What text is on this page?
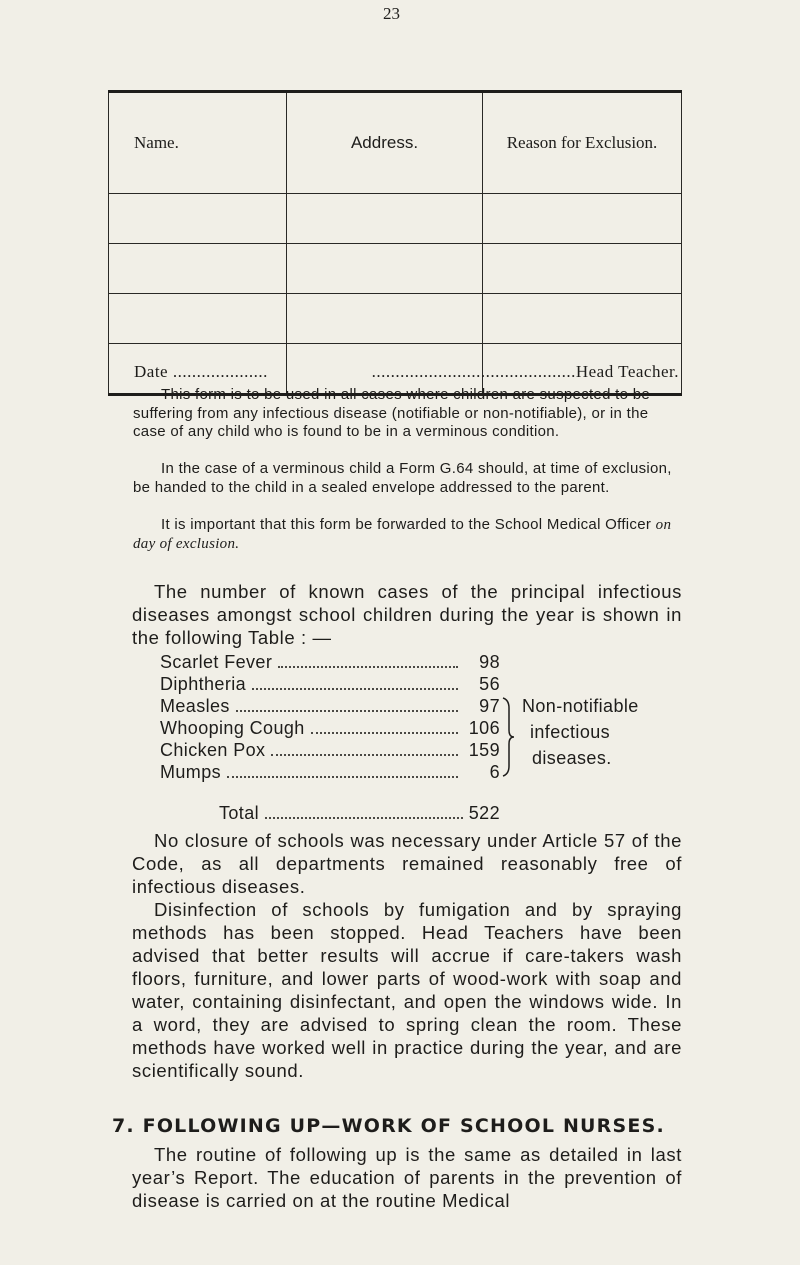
23
Name.	Address.	Reason for Exclusion.

Date ....................	...........................................Head Teacher.

This form is to be used in all cases where children are suspected to be suffering from any infectious disease (notifiable or non-notifiable), or in the case of any child who is found to be in a verminous condition.

In the case of a verminous child a Form G.64 should, at time of exclusion, be handed to the child in a sealed envelope addressed to the parent.

It is important that this form be forwarded to the School Medical Officer on day of exclusion.

The number of known cases of the principal infectious diseases amongst school children during the year is shown in the following Table : —

Scarlet Fever	98
Diphtheria	56
Measles	97
Whooping Cough	106
Chicken Pox	159
Mumps	6
Non-notifiable
infectious
diseases.
Total	522

No closure of schools was necessary under Article 57 of the Code, as all departments remained reasonably free of infectious diseases.

Disinfection of schools by fumigation and by spraying methods has been stopped. Head Teachers have been advised that better results will accrue if care-takers wash floors, furniture, and lower parts of wood-work with soap and water, containing disinfectant, and open the windows wide. In a word, they are advised to spring clean the room. These methods have worked well in practice during the year, and are scientifically sound.

7. FOLLOWING UP—WORK OF SCHOOL NURSES.

The routine of following up is the same as detailed in last year’s Report. The education of parents in the prevention of disease is carried on at the routine Medical
